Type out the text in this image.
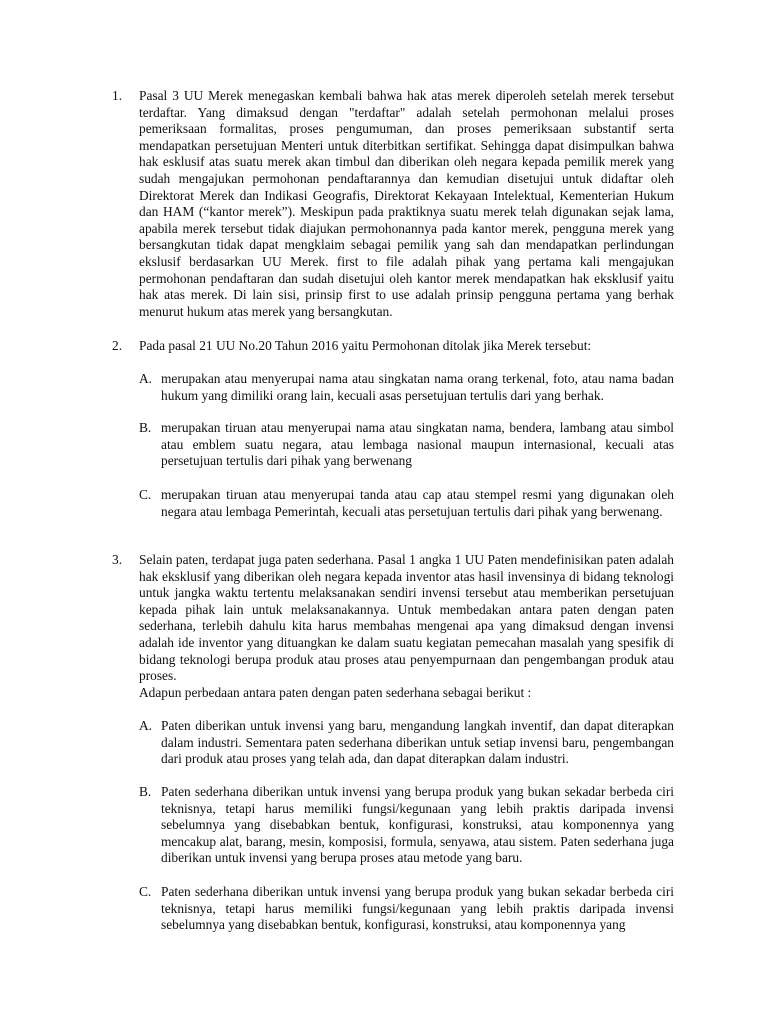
1.	Pasal 3 UU Merek menegaskan kembali bahwa hak atas merek diperoleh setelah merek tersebut terdaftar. Yang dimaksud dengan "terdaftar" adalah setelah permohonan melalui proses pemeriksaan formalitas, proses pengumuman, dan proses pemeriksaan substantif serta mendapatkan persetujuan Menteri untuk diterbitkan sertifikat. Sehingga dapat disimpulkan bahwa hak esklusif atas suatu merek akan timbul dan diberikan oleh negara kepada pemilik merek yang sudah mengajukan permohonan pendaftarannya dan kemudian disetujui untuk didaftar oleh Direktorat Merek dan Indikasi Geografis, Direktorat Kekayaan Intelektual, Kementerian Hukum dan HAM (“kantor merek”). Meskipun pada praktiknya suatu merek telah digunakan sejak lama, apabila merek tersebut tidak diajukan permohonannya pada kantor merek, pengguna merek yang bersangkutan tidak dapat mengklaim sebagai pemilik yang sah dan mendapatkan perlindungan ekslusif berdasarkan UU Merek. first to file adalah pihak yang pertama kali mengajukan permohonan pendaftaran dan sudah disetujui oleh kantor merek mendapatkan hak eksklusif yaitu hak atas merek. Di lain sisi, prinsip first to use adalah prinsip pengguna pertama yang berhak menurut hukum atas merek yang bersangkutan.

2.	Pada pasal 21 UU No.20 Tahun 2016 yaitu Permohonan ditolak jika Merek tersebut:

A. merupakan atau menyerupai nama atau singkatan nama orang terkenal, foto, atau nama badan hukum yang dimiliki orang lain, kecuali asas persetujuan tertulis dari yang berhak.

B. merupakan tiruan atau menyerupai nama atau singkatan nama, bendera, lambang atau simbol atau emblem suatu negara, atau lembaga nasional maupun internasional, kecuali atas persetujuan tertulis dari pihak yang berwenang

C. merupakan tiruan atau menyerupai tanda atau cap atau stempel resmi yang digunakan oleh negara atau lembaga Pemerintah, kecuali atas persetujuan tertulis dari pihak yang berwenang.

3.	Selain paten, terdapat juga paten sederhana. Pasal 1 angka 1 UU Paten mendefinisikan paten adalah hak eksklusif yang diberikan oleh negara kepada inventor atas hasil invensinya di bidang teknologi untuk jangka waktu tertentu melaksanakan sendiri invensi tersebut atau memberikan persetujuan kepada pihak lain untuk melaksanakannya. Untuk membedakan antara paten dengan paten sederhana, terlebih dahulu kita harus membahas mengenai apa yang dimaksud dengan invensi adalah ide inventor yang dituangkan ke dalam suatu kegiatan pemecahan masalah yang spesifik di bidang teknologi berupa produk atau proses atau penyempurnaan dan pengembangan produk atau proses.

Adapun perbedaan antara paten dengan paten sederhana sebagai berikut :

A. Paten diberikan untuk invensi yang baru, mengandung langkah inventif, dan dapat diterapkan dalam industri. Sementara paten sederhana diberikan untuk setiap invensi baru, pengembangan dari produk atau proses yang telah ada, dan dapat diterapkan dalam industri.

B. Paten sederhana diberikan untuk invensi yang berupa produk yang bukan sekadar berbeda ciri teknisnya, tetapi harus memiliki fungsi/kegunaan yang lebih praktis daripada invensi sebelumnya yang disebabkan bentuk, konfigurasi, konstruksi, atau komponennya yang mencakup alat, barang, mesin, komposisi, formula, senyawa, atau sistem. Paten sederhana juga diberikan untuk invensi yang berupa proses atau metode yang baru.

C. Paten sederhana diberikan untuk invensi yang berupa produk yang bukan sekadar berbeda ciri teknisnya, tetapi harus memiliki fungsi/kegunaan yang lebih praktis daripada invensi sebelumnya yang disebabkan bentuk, konfigurasi, konstruksi, atau komponennya yang
